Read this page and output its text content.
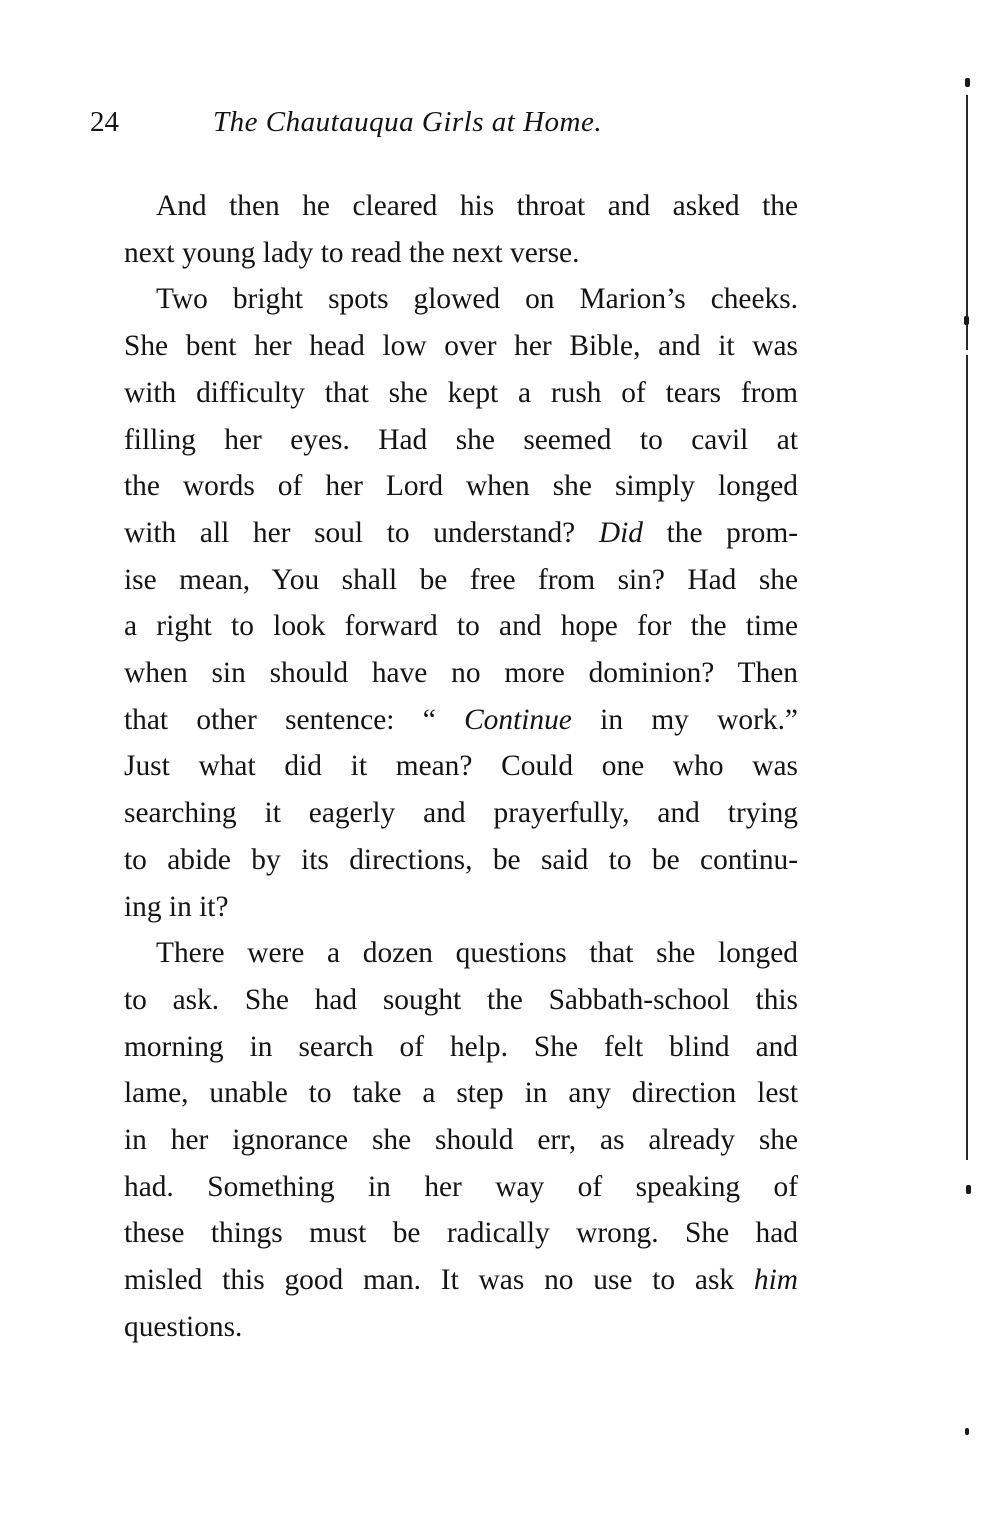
24	The Chautauqua Girls at Home.
And then he cleared his throat and asked the
next young lady to read the next verse.
Two bright spots glowed on Marion’s cheeks.
She bent her head low over her Bible, and it was
with difficulty that she kept a rush of tears from
filling her eyes. Had she seemed to cavil at
the words of her Lord when she simply longed
with all her soul to understand? Did the prom-
ise mean, You shall be free from sin? Had she
a right to look forward to and hope for the time
when sin should have no more dominion? Then
that other sentence: “ Continue in my work.”
Just what did it mean? Could one who was
searching it eagerly and prayerfully, and trying
to abide by its directions, be said to be continu-
ing in it?
There were a dozen questions that she longed
to ask. She had sought the Sabbath-school this
morning in search of help. She felt blind and
lame, unable to take a step in any direction lest
in her ignorance she should err, as already she
had. Something in her way of speaking of
these things must be radically wrong. She had
misled this good man. It was no use to ask him
questions.
